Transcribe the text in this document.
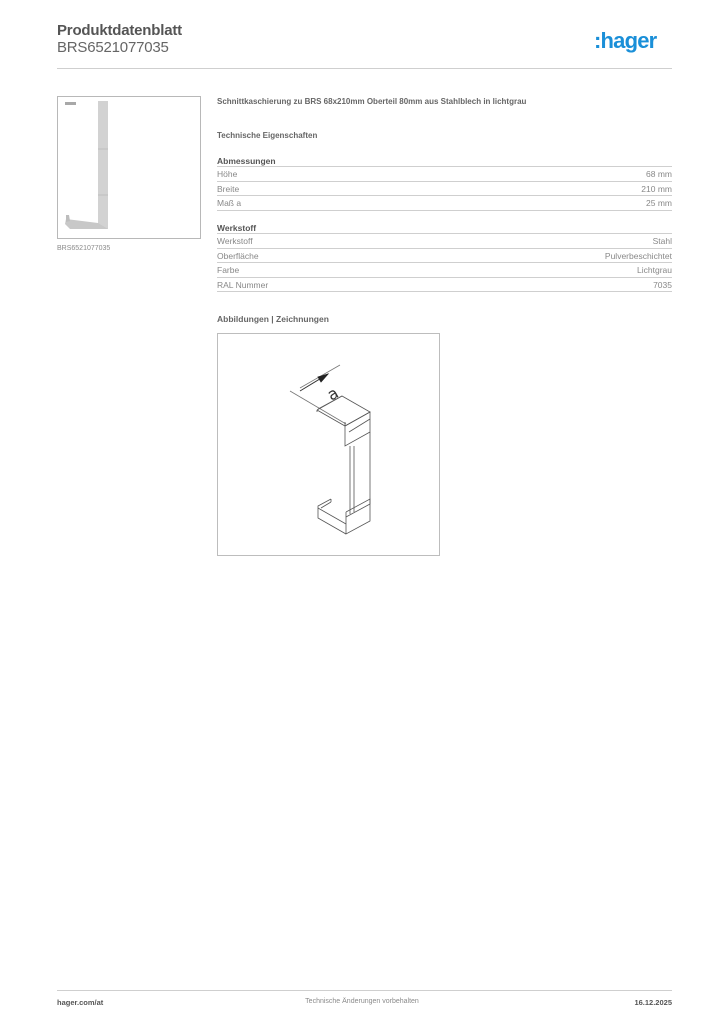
Produktdatenblatt
BRS6521077035	:hager
BRS6521077035
Schnittkaschierung zu BRS 68x210mm Oberteil 80mm aus Stahlblech in lichtgrau
Technische Eigenschaften
Abmessungen
Höhe	68 mm
Breite	210 mm
Maß a	25 mm
Werkstoff
Werkstoff	Stahl
Oberfläche	Pulverbeschichtet
Farbe	Lichtgrau
RAL Nummer	7035
Abbildungen | Zeichnungen
a
hager.com/at	Technische Änderungen vorbehalten	16.12.2025
